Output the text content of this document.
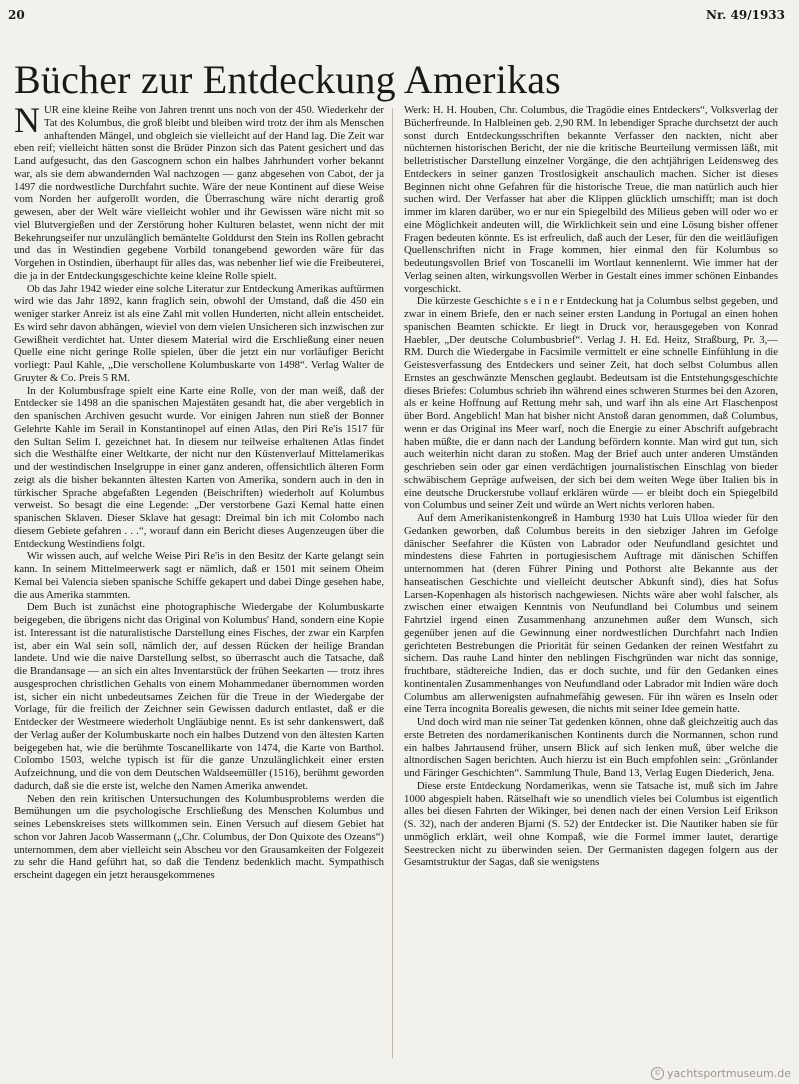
20	Nr. 49/1933
Bücher zur Entdeckung Amerikas

NUR eine kleine Reihe von Jahren trennt uns noch von der 450. Wiederkehr der Tat des Kolumbus, die groß bleibt und bleiben wird trotz der ihm als Menschen anhaftenden Mängel, und obgleich sie vielleicht auf der Hand lag. Die Zeit war eben reif; vielleicht hätten sonst die Brüder Pinzon sich das Patent gesichert und das Land aufgesucht, das den Gascognern schon ein halbes Jahrhundert vorher bekannt war, als sie dem abwandernden Wal nachzogen — ganz abgesehen von Cabot, der ja 1497 die nordwestliche Durchfahrt suchte. Wäre der neue Kontinent auf diese Weise vom Norden her aufgerollt worden, die Überraschung wäre nicht derartig groß gewesen, aber der Welt wäre vielleicht wohler und ihr Gewissen wäre nicht mit so viel Blutvergießen und der Zerstörung hoher Kulturen belastet, wenn nicht der mit Bekehrungseifer nur unzulänglich bemäntelte Golddurst den Stein ins Rollen gebracht und das in Westindien gegebene Vorbild tonangebend geworden wäre für das Vorgehen in Ostindien, überhaupt für alles das, was nebenher lief wie die Freibeuterei, die ja in der Entdeckungsgeschichte keine kleine Rolle spielt.

Ob das Jahr 1942 wieder eine solche Literatur zur Entdeckung Amerikas auftürmen wird wie das Jahr 1892, kann fraglich sein, obwohl der Umstand, daß die 450 ein weniger starker Anreiz ist als eine Zahl mit vollen Hunderten, nicht allein entscheidet. Es wird sehr davon abhängen, wieviel von dem vielen Unsicheren sich inzwischen zur Gewißheit verdichtet hat. Unter diesem Material wird die Erschließung einer neuen Quelle eine nicht geringe Rolle spielen, über die jetzt ein nur vorläufiger Bericht vorliegt: Paul Kahle, „Die verschollene Kolumbuskarte von 1498“. Verlag Walter de Gruyter & Co. Preis 5 RM.

In der Kolumbusfrage spielt eine Karte eine Rolle, von der man weiß, daß der Entdecker sie 1498 an die spanischen Majestäten gesandt hat, die aber vergeblich in den spanischen Archiven gesucht wurde. Vor einigen Jahren nun stieß der Bonner Gelehrte Kahle im Serail in Konstantinopel auf einen Atlas, den Piri Re'is 1517 für den Sultan Selim I. gezeichnet hat. In diesem nur teilweise erhaltenen Atlas findet sich die Westhälfte einer Weltkarte, der nicht nur den Küstenverlauf Mittelamerikas und der westindischen Inselgruppe in einer ganz anderen, offensichtlich älteren Form zeigt als die bisher bekannten ältesten Karten von Amerika, sondern auch in den in türkischer Sprache abgefaßten Legenden (Beischriften) wiederholt auf Kolumbus verweist. So besagt die eine Legende: „Der verstorbene Gazi Kemal hatte einen spanischen Sklaven. Dieser Sklave hat gesagt: Dreimal bin ich mit Colombo nach diesem Gebiete gefahren . . .“, worauf dann ein Bericht dieses Augenzeugen über die Entdeckung Westindiens folgt.

Wir wissen auch, auf welche Weise Piri Re'is in den Besitz der Karte gelangt sein kann. In seinem Mittelmeerwerk sagt er nämlich, daß er 1501 mit seinem Oheim Kemal bei Valencia sieben spanische Schiffe gekapert und dabei Dinge gesehen habe, die aus Amerika stammten.

Dem Buch ist zunächst eine photographische Wiedergabe der Kolumbuskarte beigegeben, die übrigens nicht das Original von Kolumbus' Hand, sondern eine Kopie ist. Interessant ist die naturalistische Darstellung eines Fisches, der zwar ein Karpfen ist, aber ein Wal sein soll, nämlich der, auf dessen Rücken der heilige Brandan landete. Und wie die naive Darstellung selbst, so überrascht auch die Tatsache, daß die Brandansage — an sich ein altes Inventarstück der frühen Seekarten — trotz ihres ausgesprochen christlichen Gehalts von einem Mohammedaner übernommen worden ist, sicher ein nicht unbedeutsames Zeichen für die Treue in der Wiedergabe der Vorlage, für die freilich der Zeichner sein Gewissen dadurch entlastet, daß er die Entdecker der Westmeere wiederholt Ungläubige nennt. Es ist sehr dankenswert, daß der Verlag außer der Kolumbuskarte noch ein halbes Dutzend von den ältesten Karten beigegeben hat, wie die berühmte Toscanellikarte von 1474, die Karte von Barthol. Colombo 1503, welche typisch ist für die ganze Unzulänglichkeit einer ersten Aufzeichnung, und die von dem Deutschen Waldseemüller (1516), berühmt geworden dadurch, daß sie die erste ist, welche den Namen Amerika anwendet.

Neben den rein kritischen Untersuchungen des Kolumbusproblems werden die Bemühungen um die psychologische Erschließung des Menschen Kolumbus und seines Lebenskreises stets willkommen sein. Einen Versuch auf diesem Gebiet hat schon vor Jahren Jacob Wassermann („Chr. Columbus, der Don Quixote des Ozeans“) unternommen, dem aber vielleicht sein Abscheu vor den Grausamkeiten der Folgezeit zu sehr die Hand geführt hat, so daß die Tendenz bedenklich macht. Sympathisch erscheint dagegen ein jetzt herausgekommenes

Werk: H. H. Houben, Chr. Columbus, die Tragödie eines Entdeckers“, Volksverlag der Bücherfreunde. In Halbleinen geb. 2,90 RM. In lebendiger Sprache durchsetzt der auch sonst durch Entdeckungsschriften bekannte Verfasser den nackten, nicht aber nüchternen historischen Bericht, der nie die kritische Beurteilung vermissen läßt, mit belletristischer Darstellung einzelner Vorgänge, die den achtjährigen Leidensweg des Entdeckers in seiner ganzen Trostlosigkeit anschaulich machen. Sicher ist dieses Beginnen nicht ohne Gefahren für die historische Treue, die man natürlich auch hier suchen wird. Der Verfasser hat aber die Klippen glücklich umschifft; man ist doch immer im klaren darüber, wo er nur ein Spiegelbild des Milieus geben will oder wo er eine Möglichkeit andeuten will, die Wirklichkeit sein und eine Lösung bisher offener Fragen bedeuten könnte. Es ist erfreulich, daß auch der Leser, für den die weitläufigen Quellenschriften nicht in Frage kommen, hier einmal den für Kolumbus so bedeutungsvollen Brief von Toscanelli im Wortlaut kennenlernt. Wie immer hat der Verlag seinen alten, wirkungsvollen Werber in Gestalt eines immer schönen Einbandes vorgeschickt.

Die kürzeste Geschichte s e i n e r Entdeckung hat ja Columbus selbst gegeben, und zwar in einem Briefe, den er nach seiner ersten Landung in Portugal an einen hohen spanischen Beamten schickte. Er liegt in Druck vor, herausgegeben von Konrad Haebler, „Der deutsche Columbusbrief“. Verlag J. H. Ed. Heitz, Straßburg, Pr. 3,— RM. Durch die Wiedergabe in Facsimile vermittelt er eine schnelle Einfühlung in die Geistesverfassung des Entdeckers und seiner Zeit, hat doch selbst Columbus allen Ernstes an geschwänzte Menschen geglaubt. Bedeutsam ist die Entstehungsgeschichte dieses Briefes: Columbus schrieb ihn während eines schweren Sturmes bei den Azoren, als er keine Hoffnung auf Rettung mehr sah, und warf ihn als eine Art Flaschenpost über Bord. Angeblich! Man hat bisher nicht Anstoß daran genommen, daß Columbus, wenn er das Original ins Meer warf, noch die Energie zu einer Abschrift aufgebracht haben müßte, die er dann nach der Landung befördern konnte. Man wird gut tun, sich auch weiterhin nicht daran zu stoßen. Mag der Brief auch unter anderen Umständen geschrieben sein oder gar einen verdächtigen journalistischen Einschlag von bieder schwäbischem Gepräge aufweisen, der sich bei dem weiten Wege über Italien bis in eine deutsche Druckerstube vollauf erklären würde — er bleibt doch ein Spiegelbild von Columbus und seiner Zeit und würde an Wert nichts verloren haben.

Auf dem Amerikanistenkongreß in Hamburg 1930 hat Luis Ulloa wieder für den Gedanken geworben, daß Columbus bereits in den siebziger Jahren im Gefolge dänischer Seefahrer die Küsten von Labrador oder Neufundland gesichtet und mindestens diese Fahrten in portugiesischem Auftrage mit dänischen Schiffen unternommen hat (deren Führer Pining und Pothorst alte Bekannte aus der hanseatischen Geschichte und vielleicht deutscher Abkunft sind), dies hat Sofus Larsen-Kopenhagen als historisch nachgewiesen. Nichts wäre aber wohl falscher, als zwischen einer etwaigen Kenntnis von Neufundland bei Columbus und seinem Fahrtziel irgend einen Zusammenhang anzunehmen außer dem Wunsch, sich gegenüber jenen auf die Gewinnung einer nordwestlichen Durchfahrt nach Indien gerichteten Bestrebungen die Priorität für seinen Gedanken der reinen Westfahrt zu sichern. Das rauhe Land hinter den neblingen Fischgründen war nicht das sonnige, fruchtbare, städtereiche Indien, das er doch suchte, und für den Gedanken eines kontinentalen Zusammenhanges von Neufundland oder Labrador mit Indien wäre doch Columbus am allerwenigsten aufnahmefähig gewesen. Für ihn wären es Inseln oder eine Terra incognita Borealis gewesen, die nichts mit seiner Idee gemein hatte.

Und doch wird man nie seiner Tat gedenken können, ohne daß gleichzeitig auch das erste Betreten des nordamerikanischen Kontinents durch die Normannen, schon rund ein halbes Jahrtausend früher, unsern Blick auf sich lenken muß, über welche die altnordischen Sagen berichten. Auch hierzu ist ein Buch empfohlen sein: „Grönlander und Färinger Geschichten“. Sammlung Thule, Band 13, Verlag Eugen Diederich, Jena.

Diese erste Entdeckung Nordamerikas, wenn sie Tatsache ist, muß sich im Jahre 1000 abgespielt haben. Rätselhaft wie so unendlich vieles bei Columbus ist eigentlich alles bei diesen Fahrten der Wikinger, bei denen nach der einen Version Leif Erikson (S. 32), nach der anderen Bjarni (S. 52) der Entdecker ist. Die Nautiker haben sie für unmöglich erklärt, weil ohne Kompaß, wie die Formel immer lautet, derartige Seestrecken nicht zu überwinden seien. Der Germanisten dagegen folgern aus der Gesamtstruktur der Sagas, daß sie wenigstens

© yachtsportmuseum.de
